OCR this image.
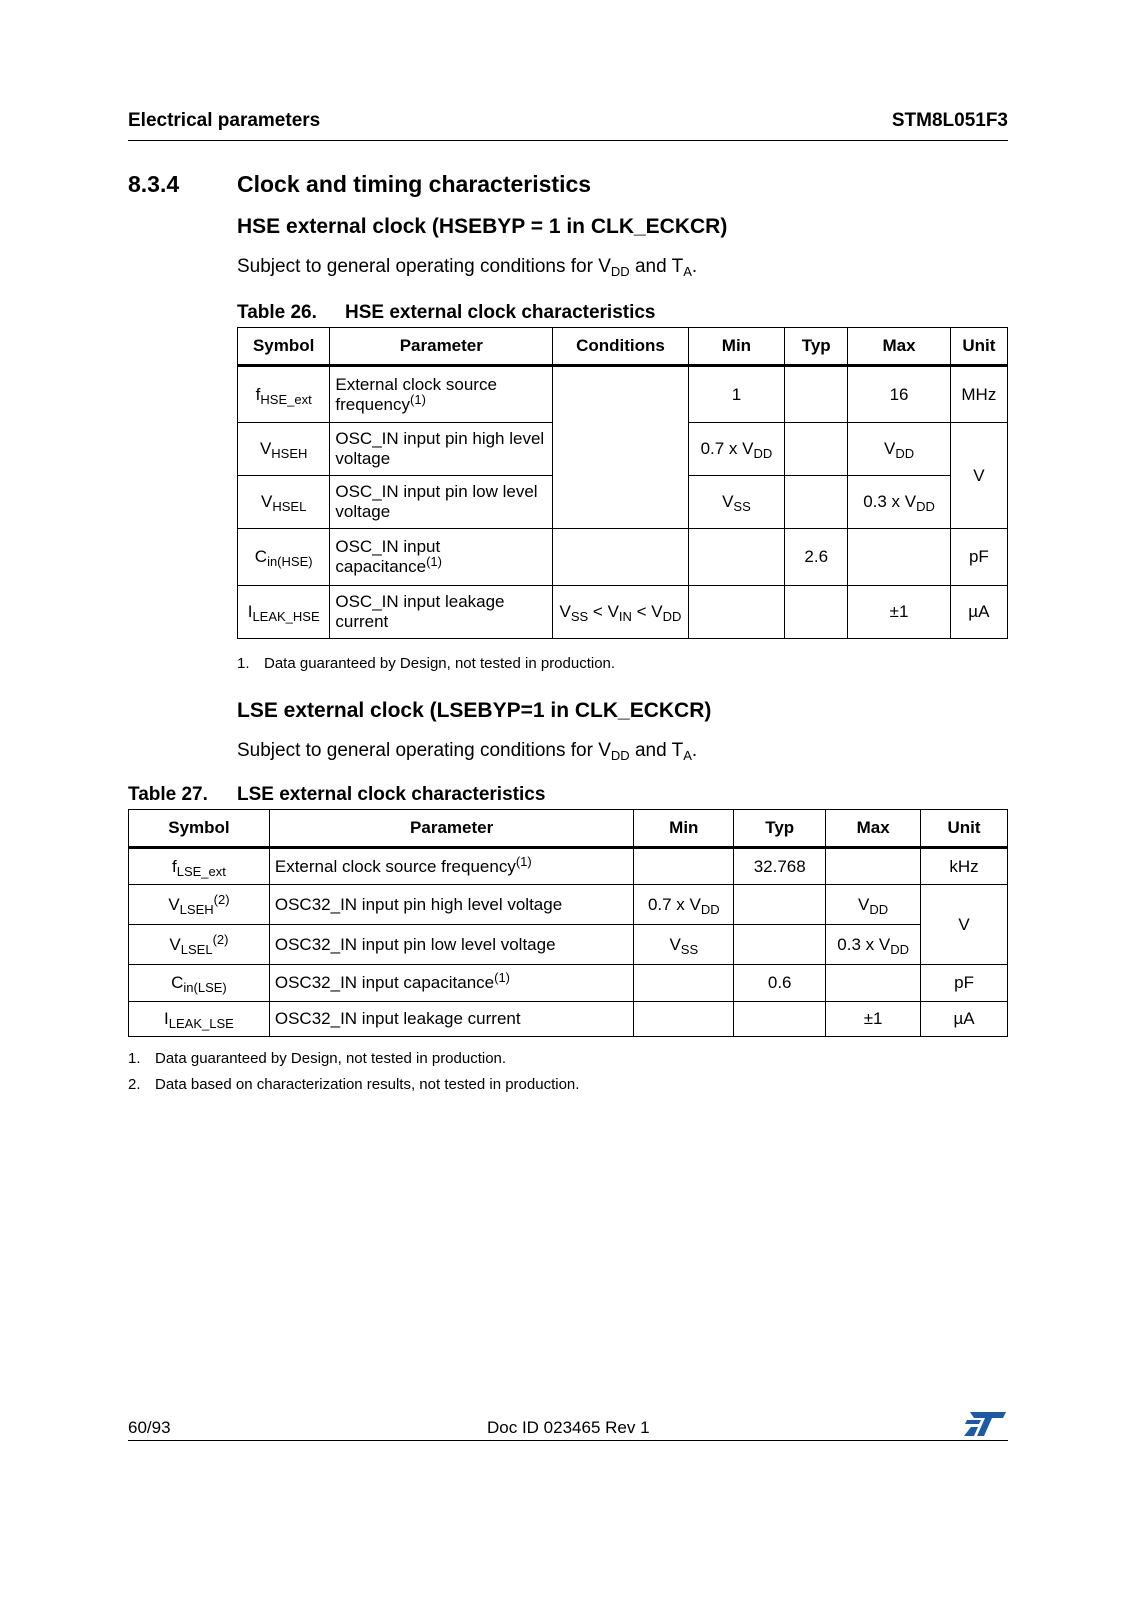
Electrical parameters	STM8L051F3
8.3.4	Clock and timing characteristics
HSE external clock (HSEBYP = 1 in CLK_ECKCR)
Subject to general operating conditions for $V_{DD}$ and $T_A$.
Table 26. HSE external clock characteristics
Symbol	Parameter	Conditions	Min	Typ	Max	Unit
$f_{HSE\_ext}$	External clock source frequency$^{(1)}$		1		16	MHz
$V_{HSEH}$	OSC_IN input pin high level voltage		0.7 x $V_{DD}$		$V_{DD}$	V
$V_{HSEL}$	OSC_IN input pin low level voltage		$V_{SS}$		0.3 x $V_{DD}$
$C_{in(HSE)}$	OSC_IN input capacitance$^{(1)}$			2.6		pF
$I_{LEAK\_HSE}$	OSC_IN input leakage current	$V_{SS} < V_{IN} < V_{DD}$			±1	µA
1. Data guaranteed by Design, not tested in production.
LSE external clock (LSEBYP=1 in CLK_ECKCR)
Subject to general operating conditions for $V_{DD}$ and $T_A$.
Table 27. LSE external clock characteristics
Symbol	Parameter	Min	Typ	Max	Unit
$f_{LSE\_ext}$	External clock source frequency$^{(1)}$		32.768		kHz
$V_{LSEH}^{(2)}$	OSC32_IN input pin high level voltage	0.7 x $V_{DD}$		$V_{DD}$	V
$V_{LSEL}^{(2)}$	OSC32_IN input pin low level voltage	$V_{SS}$		0.3 x $V_{DD}$
$C_{in(LSE)}$	OSC32_IN input capacitance$^{(1)}$		0.6		pF
$I_{LEAK\_LSE}$	OSC32_IN input leakage current			±1	µA
1. Data guaranteed by Design, not tested in production.
2. Data based on characterization results, not tested in production.
60/93	Doc ID 023465 Rev 1
